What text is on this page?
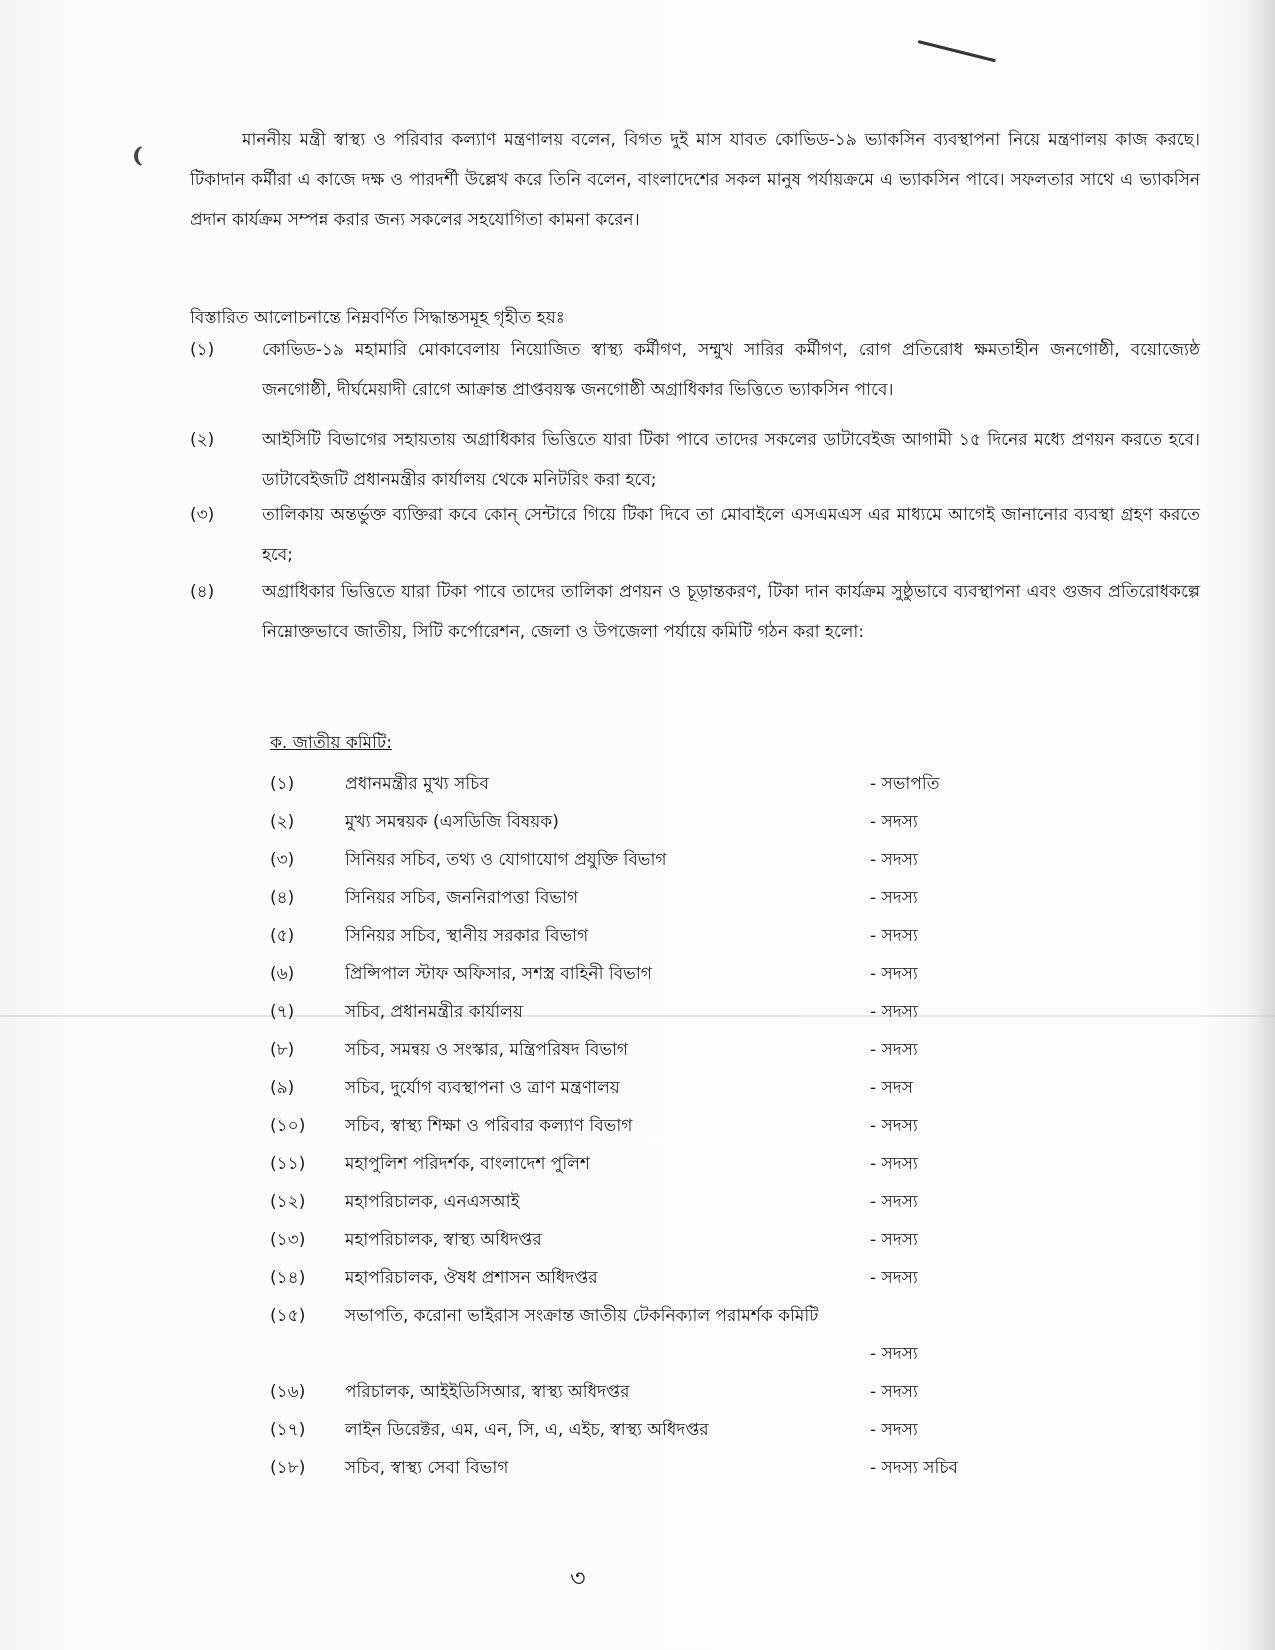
মাননীয় মন্ত্রী স্বাস্থ্য ও পরিবার কল্যাণ মন্ত্রণালয় বলেন, বিগত দুই মাস যাবত কোভিড-১৯ ভ্যাকসিন ব্যবস্থাপনা নিয়ে মন্ত্রণালয় কাজ করছে। টিকাদান কর্মীরা এ কাজে দক্ষ ও পারদর্শী উল্লেখ করে তিনি বলেন, বাংলাদেশের সকল মানুষ পর্যায়ক্রমে এ ভ্যাকসিন পাবে। সফলতার সাথে এ ভ্যাকসিন প্রদান কার্যক্রম সম্পন্ন করার জন্য সকলের সহযোগিতা কামনা করেন।
বিস্তারিত আলোচনান্তে নিম্নবর্ণিত সিদ্ধান্তসমূহ গৃহীত হয়ঃ
(১)	কোভিড-১৯ মহামারি মোকাবেলায় নিয়োজিত স্বাস্থ্য কর্মীগণ, সম্মুখ সারির কর্মীগণ, রোগ প্রতিরোধ ক্ষমতাহীন জনগোষ্ঠী, বয়োজ্যেষ্ঠ জনগোষ্ঠী, দীর্ঘমেয়াদী রোগে আক্রান্ত প্রাপ্তবয়স্ক জনগোষ্ঠী অগ্রাধিকার ভিত্তিতে ভ্যাকসিন পাবে।
(২)	আইসিটি বিভাগের সহায়তায় অগ্রাধিকার ভিত্তিতে যারা টিকা পাবে তাদের সকলের ডাটাবেইজ আগামী ১৫ দিনের মধ্যে প্রণয়ন করতে হবে। ডাটাবেইজটি প্রধানমন্ত্রীর কার্যালয় থেকে মনিটরিং করা হবে;
(৩)	তালিকায় অন্তর্ভুক্ত ব্যক্তিরা কবে কোন্ সেন্টারে গিয়ে টিকা দিবে তা মোবাইলে এসএমএস এর মাধ্যমে আগেই জানানোর ব্যবস্থা গ্রহণ করতে হবে;
(৪)	অগ্রাধিকার ভিত্তিতে যারা টিকা পাবে তাদের তালিকা প্রণয়ন ও চূড়ান্তকরণ, টিকা দান কার্যক্রম সুষ্ঠুভাবে ব্যবস্থাপনা এবং গুজব প্রতিরোধকল্পে নিম্নোক্তভাবে জাতীয়, সিটি কর্পোরেশন, জেলা ও উপজেলা পর্যায়ে কমিটি গঠন করা হলো:
ক. জাতীয় কমিটি:
(১)	প্রধানমন্ত্রীর মুখ্য সচিব	- সভাপতি
(২)	মুখ্য সমন্বয়ক (এসডিজি বিষয়ক)	- সদস্য
(৩)	সিনিয়র সচিব, তথ্য ও যোগাযোগ প্রযুক্তি বিভাগ	- সদস্য
(৪)	সিনিয়র সচিব, জননিরাপত্তা বিভাগ	- সদস্য
(৫)	সিনিয়র সচিব, স্থানীয় সরকার বিভাগ	- সদস্য
(৬)	প্রিন্সিপাল স্টাফ অফিসার, সশস্ত্র বাহিনী বিভাগ	- সদস্য
(৭)	সচিব, প্রধানমন্ত্রীর কার্যালয়	- সদস্য
(৮)	সচিব, সমন্বয় ও সংস্কার, মন্ত্রিপরিষদ বিভাগ	- সদস্য
(৯)	সচিব, দুর্যোগ ব্যবস্থাপনা ও ত্রাণ মন্ত্রণালয়	- সদস
(১০) সচিব, স্বাস্থ্য শিক্ষা ও পরিবার কল্যাণ বিভাগ	- সদস্য
(১১) মহাপুলিশ পরিদর্শক, বাংলাদেশ পুলিশ	- সদস্য
(১২) মহাপরিচালক, এনএসআই	- সদস্য
(১৩) মহাপরিচালক, স্বাস্থ্য অধিদপ্তর	- সদস্য
(১৪) মহাপরিচালক, ঔষধ প্রশাসন অধিদপ্তর	- সদস্য
(১৫) সভাপতি, করোনা ভাইরাস সংক্রান্ত জাতীয় টেকনিক্যাল পরামর্শক কমিটি
- সদস্য
(১৬) পরিচালক, আইইডিসিআর, স্বাস্থ্য অধিদপ্তর	- সদস্য
(১৭) লাইন ডিরেক্টর, এম, এন, সি, এ, এইচ, স্বাস্থ্য অধিদপ্তর	- সদস্য
(১৮) সচিব, স্বাস্থ্য সেবা বিভাগ	- সদস্য সচিব
৩
